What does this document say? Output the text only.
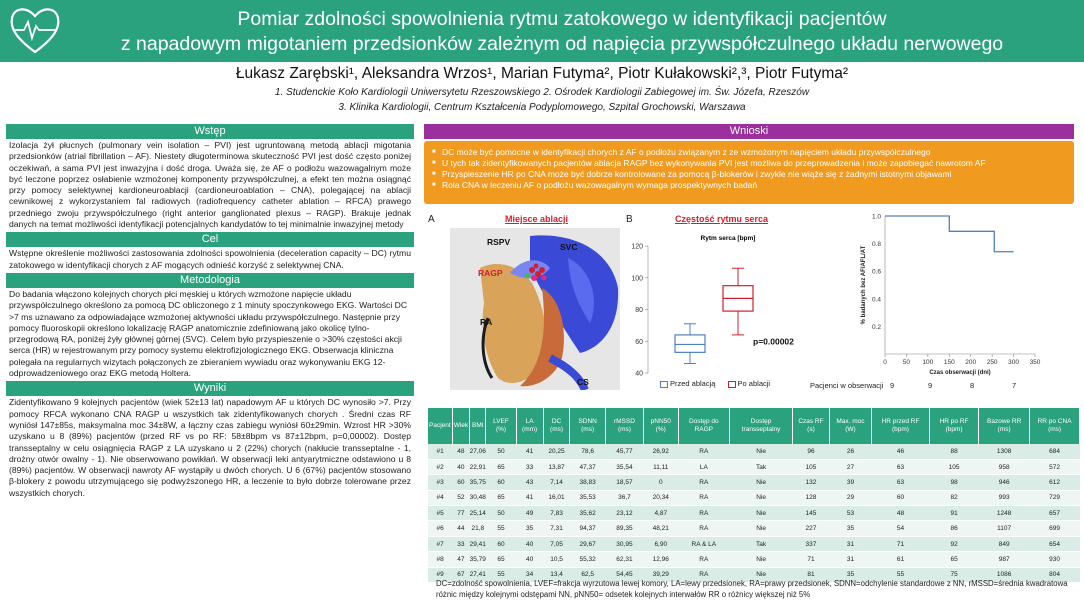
Pomiar zdolności spowolnienia rytmu zatokowego w identyfikacji pacjentów
z napadowym migotaniem przedsionków zależnym od napięcia przywspółczulnego układu nerwowego
Łukasz Zarębski¹, Aleksandra Wrzos¹, Marian Futyma², Piotr Kułakowski²,³, Piotr Futyma²
1. Studenckie Koło Kardiologii Uniwersytetu Rzeszowskiego 2. Ośrodek Kardiologii Zabiegowej im. Św. Józefa, Rzeszów
3. Klinika Kardiologii, Centrum Kształcenia Podyplomowego, Szpital Grochowski, Warszawa
Wstęp
Izolacja żył płucnych (pulmonary vein isolation – PVI) jest ugruntowaną metodą ablacji migotania przedsionków (atrial fibrillation – AF). Niestety długoterminowa skuteczność PVI jest dość często poniżej oczekiwań, a sama PVI jest inwazyjna i dość droga. Uważa się, że AF o podłożu wazowagalnym może być leczone poprzez osłabienie wzmożonej komponenty przywspółczulnej, a efekt ten można osiągnąć przy pomocy selektywnej kardioneuroablacji (cardioneuroablation – CNA), polegającej na ablacji cewnikowej z wykorzystaniem fal radiowych (radiofrequency catheter ablation – RFCA) prawego przedniego zwoju przywspółczulnego (right anterior ganglionated plexus – RAGP). Brakuje jednak danych na temat możliwości identyfikacji potencjalnych kandydatów to tej minimalnie inwazyjnej metody
Cel
Wstępne określenie możliwości zastosowania zdolności spowolnienia (deceleration capacity – DC) rytmu zatokowego w identyfikacji chorych z AF mogących odnieść korzyść z selektywnej CNA.
Metodologia
Do badania włączono kolejnych chorych płci męskiej u których wzmożone napięcie układu przywspółczulnego określono za pomocą DC obliczonego z 1 minuty spoczynkowego EKG. Wartości DC >7 ms uznawano za odpowiadające wzmożonej aktywności układu przywspółczulnego. Następnie przy pomocy fluoroskopii określono lokalizację RAGP anatomicznie zdefiniowaną jako okolicę tylno-przegrodową RA, poniżej żyły głównej górnej (SVC). Celem było przyspieszenie o >30% częstości akcji serca (HR) w rejestrowanym przy pomocy systemu elektrofizjologicznego EKG. Obserwacja kliniczna polegała na regularnych wizytach połączonych ze zbieraniem wywiadu oraz wykonywaniu EKG 12-odprowadzeniowego oraz EKG metodą Holtera.
Wyniki
Zidentyfikowano 9 kolejnych pacjentów (wiek 52±13 lat) napadowym AF u których DC wynosiło >7. Przy pomocy RFCA wykonano CNA RAGP u wszystkich tak zidentyfikowanych chorych . Średni czas RF wyniósł 147±85s, maksymalna moc 34±8W, a łączny czas zabiegu wyniósł 60±29min. Wzrost HR >30% uzyskano u 8 (89%) pacjentów (przed RF vs po RF: 58±8bpm vs 87±12bpm, p=0,00002). Dostęp transseptalny w celu osiągnięcia RAGP z LA uzyskano u 2 (22%) chorych (nakłucie transseptalne - 1, drożny otwór owalny - 1). Nie obserwowano powikłań. W obserwacji leki antyarytmiczne odstawiono u 8 (89%) pacjentów. W obserwacji nawroty AF wystąpiły u dwóch chorych. U 6 (67%) pacjentów stosowano β-blokery z powodu utrzymującego się podwyższonego HR, a leczenie to było dobrze tolerowane przez wszystkich chorych.
Wnioski
■ DC może być pomocne w identyfikacji chorych z AF o podłożu związanym z ze wzmożonym napięciem układu przywspółczulnego
■ U tych tak zidentyfikowanych pacjentów ablacja RAGP bez wykonywania PVI jest możliwa do przeprowadzenia i może zapobiegać nawrotom AF
■ Przyspieszenie HR po CNA może być dobrze kontrolowane za pomocą β-blokerów i zwykle nie wiąże się z żadnymi istotnymi objawami
■ Rola CNA w leczeniu AF o podłożu wazowagalnym wymaga prospektywnych badań
A	Miejsce ablacji
RSPV	SVC
RAGP
RA
CS
B	Częstość rytmu serca
Rytm serca [bpm]
40
60
80
100
120
p=0.00002
Przed ablacją	Po ablacji
0.2
0.4
0.6
0.8
1.0
0 50 100 150 200 250 300 350
Czas obserwacji (dni)
% badanych bez AF/AFL/AT
Pacjenci w obserwacji 9	9	8	7
Pacjent	Wiek	BMI	LVEF (%)	LA (mm)	DC (ms)	SDNN (ms)	rMSSD (ms)	pNN50 (%)	Dostęp do RAGP	Dostęp transseptalny	Czas RF (s)	Max. moc (W)	HR przed RF (bpm)	HR po RF (bpm)	Bazowe RR (ms)	RR po CNA (ms)
#1	48	27,06	50	41	20,25	78,6	45,77	26,92	RA	Nie	96	26	46	88	1308	684
#2	40	22,91	65	33	13,87	47,37	35,54	11,11	LA	Tak	105	27	63	105	958	572
#3	60	35,75	60	43	7,14	38,83	18,57	0	RA	Nie	132	39	63	98	946	612
#4	52	30,48	65	41	16,01	35,53	36,7	20,34	RA	Nie	128	29	60	82	993	729
#5	77	25,14	50	49	7,83	35,62	23,12	4,87	RA	Nie	145	53	48	91	1248	657
#6	44	21,8	55	35	7,31	94,37	89,35	48,21	RA	Nie	227	35	54	86	1107	699
#7	33	29,41	60	40	7,05	29,67	30,95	6,90	RA & LA	Tak	337	31	71	92	849	654
#8	47	35,79	65	40	10,5	55,32	62,31	12,96	RA	Nie	71	31	61	65	987	930
#9	67	27,41	55	34	13,4	62,5	54,45	39,29	RA	Nie	81	35	55	75	1086	804
DC=zdolność spowolnienia, LVEF=frakcja wyrzutowa lewej komory, LA=lewy przedsionek, RA=prawy przedsionek, SDNN=odchylenie standardowe z NN, rMSSD=średnia kwadratowa różnic między kolejnymi odstępami NN, pNN50= odsetek kolejnych interwałów RR o różnicy większej niż 5%
